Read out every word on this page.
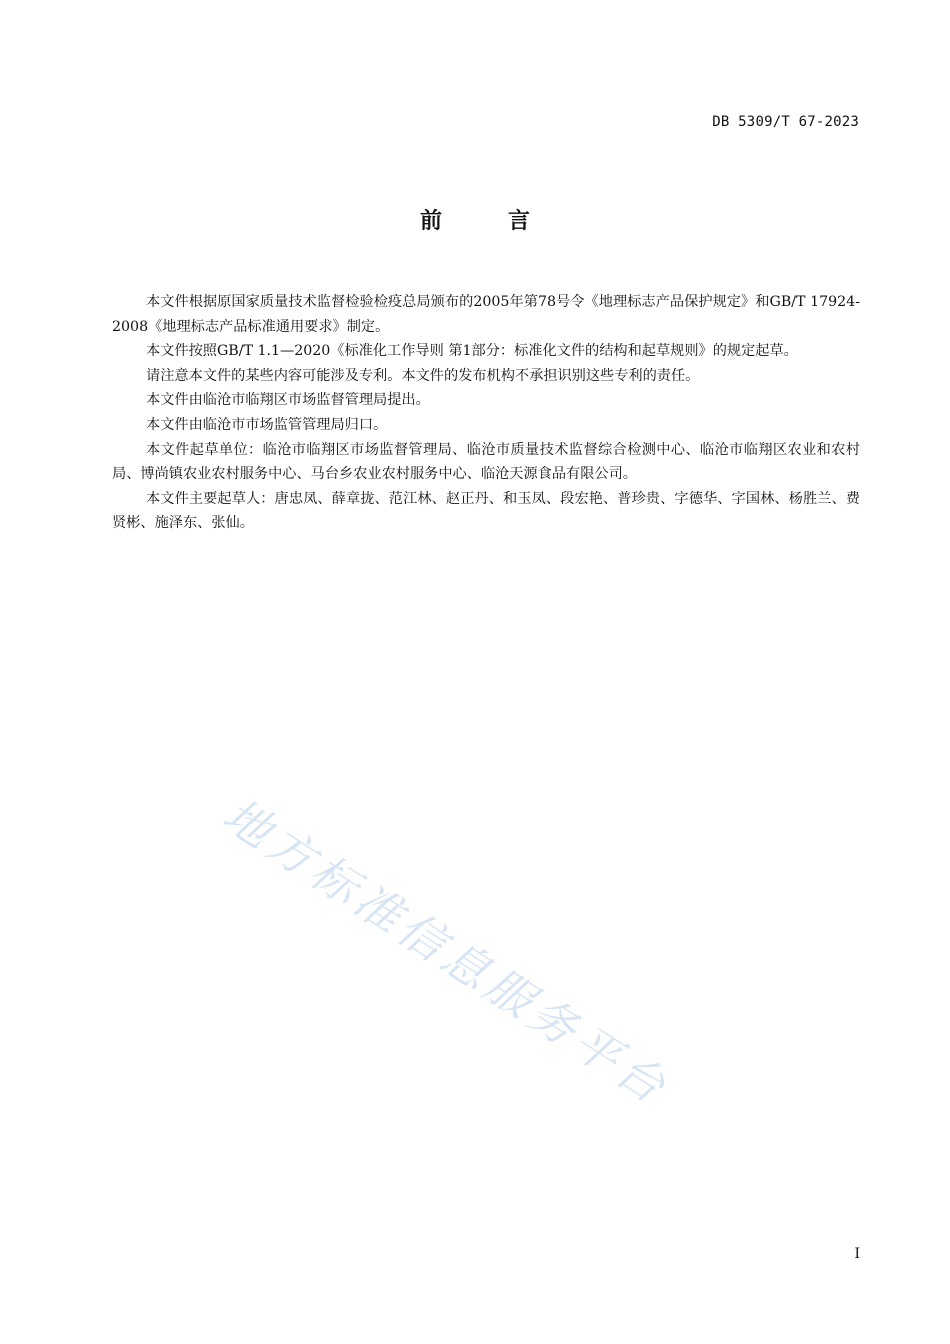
DB 5309/T 67-2023
前	言

本文件根据原国家质量技术监督检验检疫总局颁布的2005年第78号令《地理标志产品保护规定》和GB/T 17924-2008《地理标志产品标准通用要求》制定。

本文件按照GB/T 1.1—2020《标准化工作导则 第1部分：标准化文件的结构和起草规则》的规定起草。

请注意本文件的某些内容可能涉及专利。本文件的发布机构不承担识别这些专利的责任。

本文件由临沧市临翔区市场监督管理局提出。

本文件由临沧市市场监管管理局归口。

本文件起草单位：临沧市临翔区市场监督管理局、临沧市质量技术监督综合检测中心、临沧市临翔区农业和农村局、博尚镇农业农村服务中心、马台乡农业农村服务中心、临沧天源食品有限公司。

本文件主要起草人：唐忠凤、薛章拢、范江林、赵正丹、和玉凤、段宏艳、普珍贵、字德华、字国林、杨胜兰、费贤彬、施泽东、张仙。

地方标准信息服务平台
I
